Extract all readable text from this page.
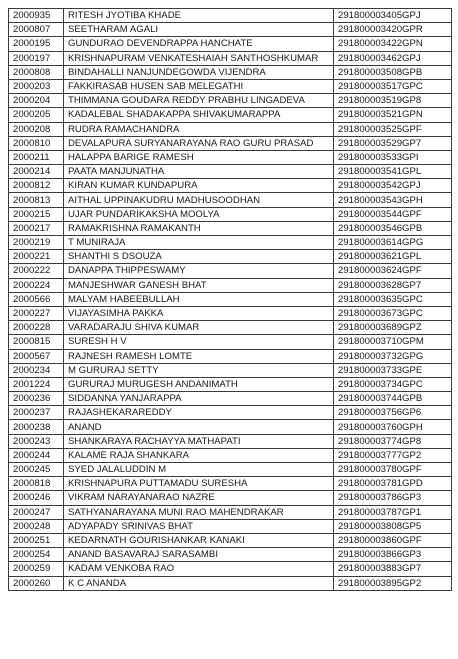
2000935	RITESH JYOTIBA KHADE	291800003405GPJ
2000807	SEETHARAM AGALI	291800003420GPR
2000195	GUNDURAO DEVENDRAPPA HANCHATE	291800003422GPN
2000197	KRISHNAPURAM VENKATESHAIAH SANTHOSHKUMAR	291800003462GPJ
2000808	BINDAHALLI NANJUNDEGOWDA VIJENDRA	291800003508GPB
2000203	FAKKIRASAB HUSEN SAB MELEGATHI	291800003517GPC
2000204	THIMMANA GOUDARA REDDY PRABHU LINGADEVA	291800003519GP8
2000205	KADALEBAL SHADAKAPPA SHIVAKUMARAPPA	291800003521GPN
2000208	RUDRA RAMACHANDRA	291800003525GPF
2000810	DEVALAPURA SURYANARAYANA RAO GURU PRASAD	291800003529GP7
2000211	HALAPPA BARIGE RAMESH	291800003533GPI
2000214	PAATA MANJUNATHA	291800003541GPL
2000812	KIRAN KUMAR KUNDAPURA	291800003542GPJ
2000813	AITHAL UPPINAKUDRU MADHUSOODHAN	291800003543GPH
2000215	UJAR PUNDARIKAKSHA MOOLYA	291800003544GPF
2000217	RAMAKRISHNA RAMAKANTH	291800003546GPB
2000219	T MUNIRAJA	291800003614GPG
2000221	SHANTHI S DSOUZA	291800003621GPL
2000222	DANAPPA THIPPESWAMY	291800003624GPF
2000224	MANJESHWAR GANESH BHAT	291800003628GP7
2000566	MALYAM HABEEBULLAH	291800003635GPC
2000227	VIJAYASIMHA PAKKA	291800003673GPC
2000228	VARADARAJU SHIVA KUMAR	291800003689GPZ
2000815	SURESH H V	291800003710GPM
2000567	RAJNESH RAMESH LOMTE	291800003732GPG
2000234	M GURURAJ SETTY	291800003733GPE
2001224	GURURAJ MURUGESH ANDANIMATH	291800003734GPC
2000236	SIDDANNA YANJARAPPA	291800003744GPB
2000237	RAJASHEKARAREDDY	291800003756GP6
2000238	ANAND	291800003760GPH
2000243	SHANKARAYA RACHAYYA MATHAPATI	291800003774GP8
2000244	KALAME RAJA SHANKARA	291800003777GP2
2000245	SYED JALALUDDIN M	291800003780GPF
2000818	KRISHNAPURA PUTTAMADU SURESHA	291800003781GPD
2000246	VIKRAM NARAYANARAO NAZRE	291800003786GP3
2000247	SATHYANARAYANA MUNI RAO MAHENDRAKAR	291800003787GP1
2000248	ADYAPADY SRINIVAS BHAT	291800003808GP5
2000251	KEDARNATH GOURISHANKAR KANAKI	291800003860GPF
2000254	ANAND BASAVARAJ SARASAMBI	291800003866GP3
2000259	KADAM VENKOBA RAO	291800003883GP7
2000260	K C ANANDA	291800003895GP2
